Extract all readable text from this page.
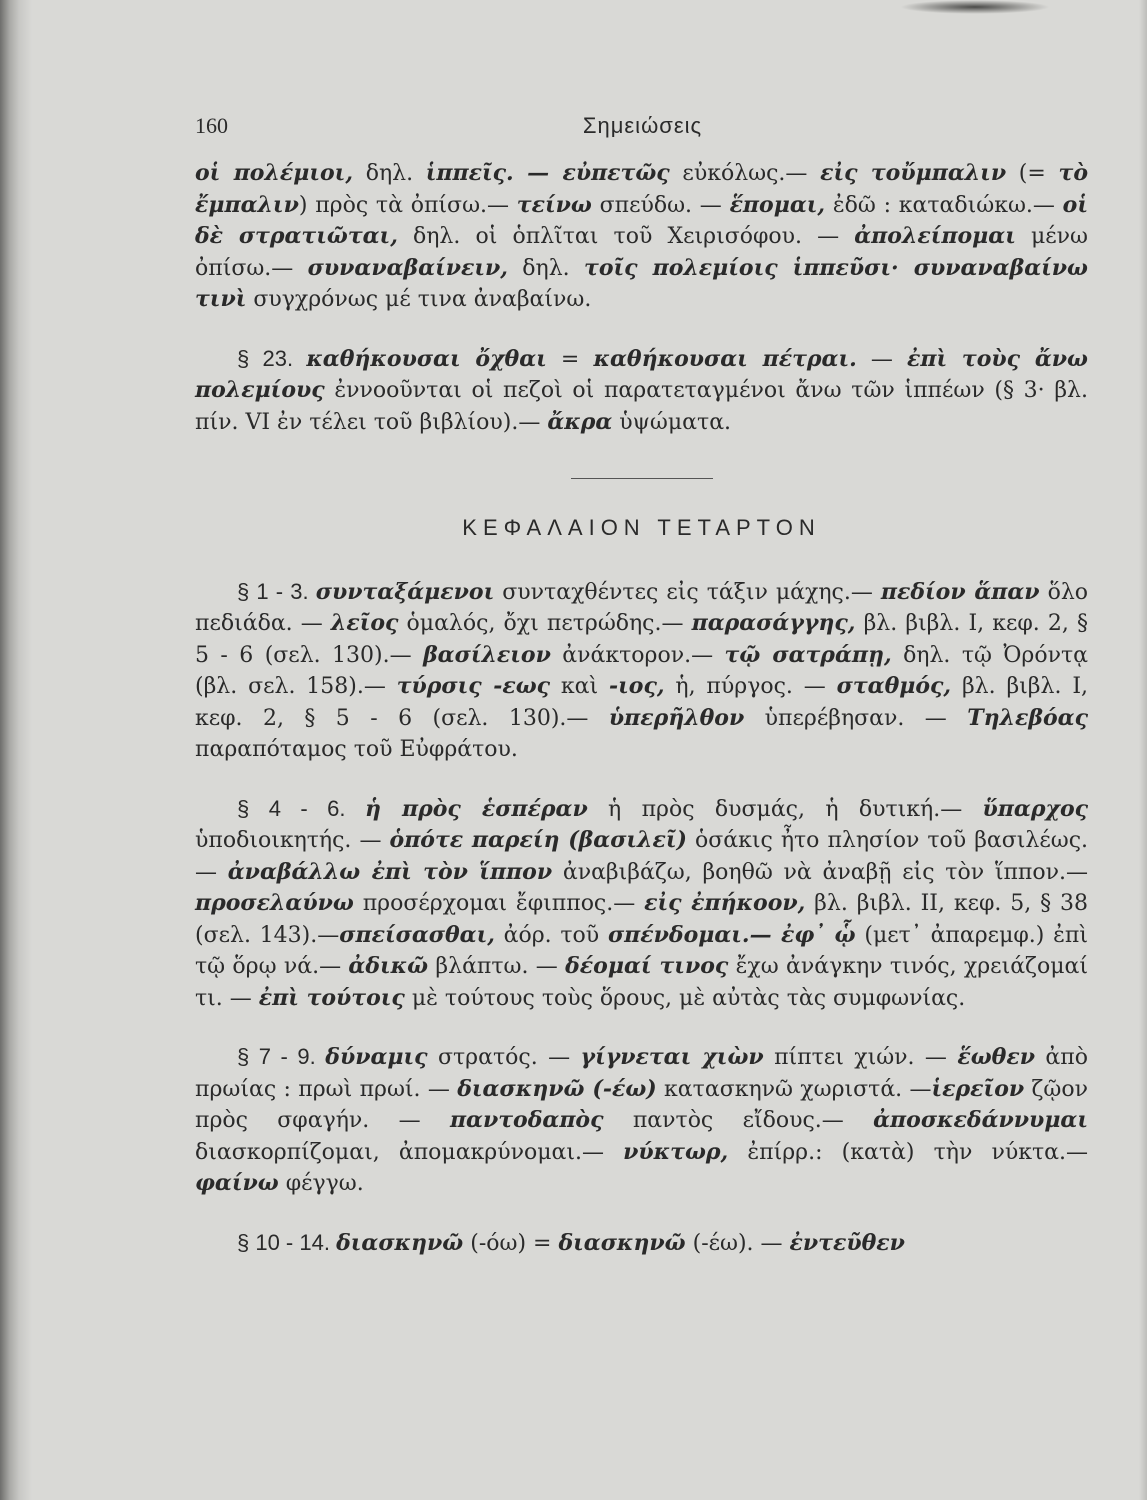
160	Σημειώσεις

οἱ πολέμιοι, δηλ. ἱππεῖς. — εὐπετῶς εὐκόλως.— εἰς τοὔμπαλιν (= τὸ ἔμπαλιν) πρὸς τὰ ὀπίσω.— τείνω σπεύδω. — ἕπομαι, ἐδῶ : καταδιώκω.— οἱ δὲ στρατιῶται, δηλ. οἱ ὁπλῖται τοῦ Χειρισόφου. — ἀπολείπομαι μένω ὀπίσω.— συναναβαίνειν, δηλ. τοῖς πολεμίοις ἱππεῦσι· συναναβαίνω τινὶ συγχρόνως μέ τινα ἀναβαίνω.

§ 23. καθήκουσαι ὄχθαι = καθήκουσαι πέτραι. — ἐπὶ τοὺς ἄνω πολεμίους ἐννοοῦνται οἱ πεζοὶ οἱ παρατεταγμένοι ἄνω τῶν ἱππέων (§ 3· βλ. πίν. VI ἐν τέλει τοῦ βιβλίου).— ἄκρα ὑψώματα.

ΚΕΦΑΛΑΙΟΝ ΤΕΤΑΡΤΟΝ

§ 1 - 3. συνταξάμενοι συνταχθέντες εἰς τάξιν μάχης.— πεδίον ἅπαν ὅλο πεδιάδα. — λεῖος ὁμαλός, ὄχι πετρώδης.— παρασάγγης, βλ. βιβλ. I, κεφ. 2, § 5 - 6 (σελ. 130).— βασίλειον ἀνάκτορον.— τῷ σατράπῃ, δηλ. τῷ Ὀρόντᾳ (βλ. σελ. 158).— τύρσις -εως καὶ -ιος, ἡ, πύργος. — σταθμός, βλ. βιβλ. I, κεφ. 2, § 5 - 6 (σελ. 130).— ὑπερῆλθον ὑπερέβησαν. — Τηλεβόας παραπόταμος τοῦ Εὐφράτου.

§ 4 - 6. ἡ πρὸς ἑσπέραν ἡ πρὸς δυσμάς, ἡ δυτική.— ὕπαρχος ὑποδιοικητής. — ὁπότε παρείη (βασιλεῖ) ὁσάκις ἦτο πλησίον τοῦ βασιλέως.— ἀναβάλλω ἐπὶ τὸν ἵππον ἀναβιβάζω, βοηθῶ νὰ ἀναβῇ εἰς τὸν ἵππον.— προσελαύνω προσέρχομαι ἔφιππος.— εἰς ἐπήκοον, βλ. βιβλ. II, κεφ. 5, § 38 (σελ. 143).—σπείσασθαι, ἀόρ. τοῦ σπένδομαι.— ἐφ᾽ ᾧ (μετ᾽ ἀπαρεμφ.) ἐπὶ τῷ ὅρῳ νά.— ἀδικῶ βλάπτω. — δέομαί τινος ἔχω ἀνάγκην τινός, χρειάζομαί τι. — ἐπὶ τούτοις μὲ τούτους τοὺς ὅρους, μὲ αὐτὰς τὰς συμφωνίας.

§ 7 - 9. δύναμις στρατός. — γίγνεται χιὼν πίπτει χιών. — ἕωθεν ἀπὸ πρωίας : πρωὶ πρωί. — διασκηνῶ (-έω) κατασκηνῶ χωριστά. —ἱερεῖον ζῷον πρὸς σφαγήν. — παντοδαπὸς παντὸς εἴδους.— ἀποσκεδάννυμαι διασκορπίζομαι, ἀπομακρύνομαι.— νύκτωρ, ἐπίρρ.: (κατὰ) τὴν νύκτα.— φαίνω φέγγω.

§ 10 - 14. διασκηνῶ (-όω) = διασκηνῶ (-έω). — ἐντεῦθεν
